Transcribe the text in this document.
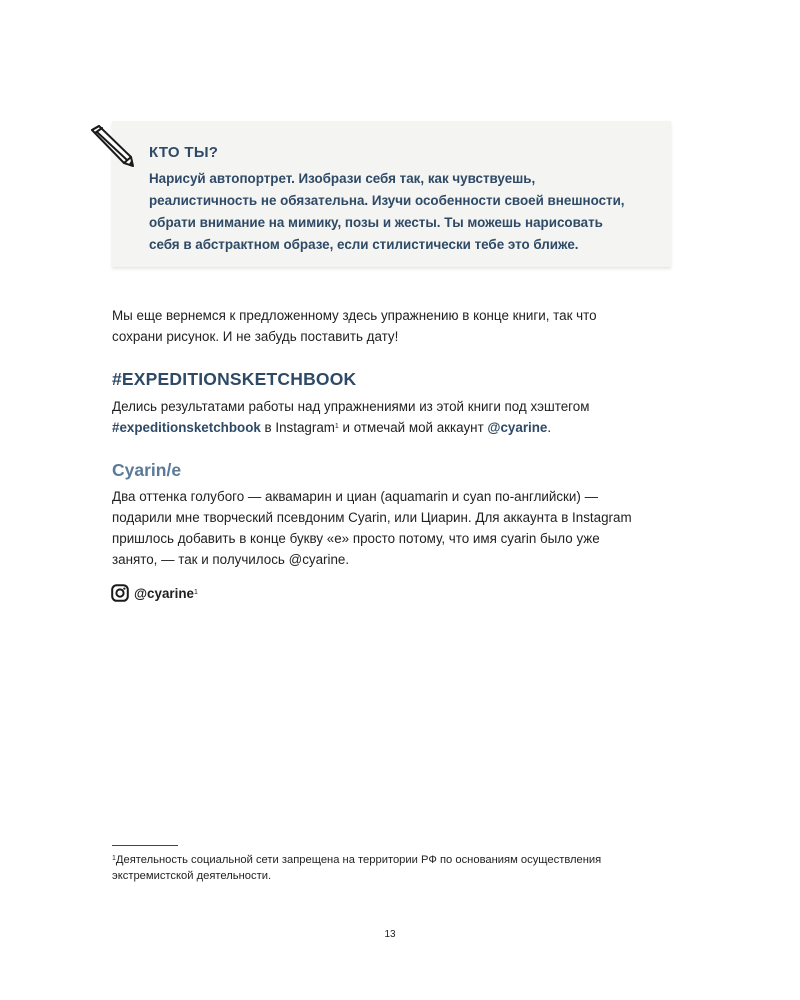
КТО ТЫ?

Нарисуй автопортрет. Изобрази себя так, как чувствуешь,
реалистичность не обязательна. Изучи особенности своей внешности,
обрати внимание на мимику, позы и жесты. Ты можешь нарисовать
себя в абстрактном образе, если стилистически тебе это ближе.

Мы еще вернемся к предложенному здесь упражнению в конце книги, так что
сохрани рисунок. И не забудь поставить дату!

#EXPEDITIONSKETCHBOOK

Делись результатами работы над упражнениями из этой книги под хэштегом
#expeditionsketchbook в Instagram$^1$ и отмечай мой аккаунт @cyarine.

Cyarin/e

Два оттенка голубого — аквамарин и циан (aquamarin и cyan по-английски) —
подарили мне творческий псевдоним Cyarin, или Циарин. Для аккаунта в Instagram
пришлось добавить в конце букву «е» просто потому, что имя cyarin было уже
занято, — так и получилось @cyarine.

@cyarine$^1$

$^1$Деятельность социальной сети запрещена на территории РФ по основаниям осуществления
экстремистской деятельности.

13
